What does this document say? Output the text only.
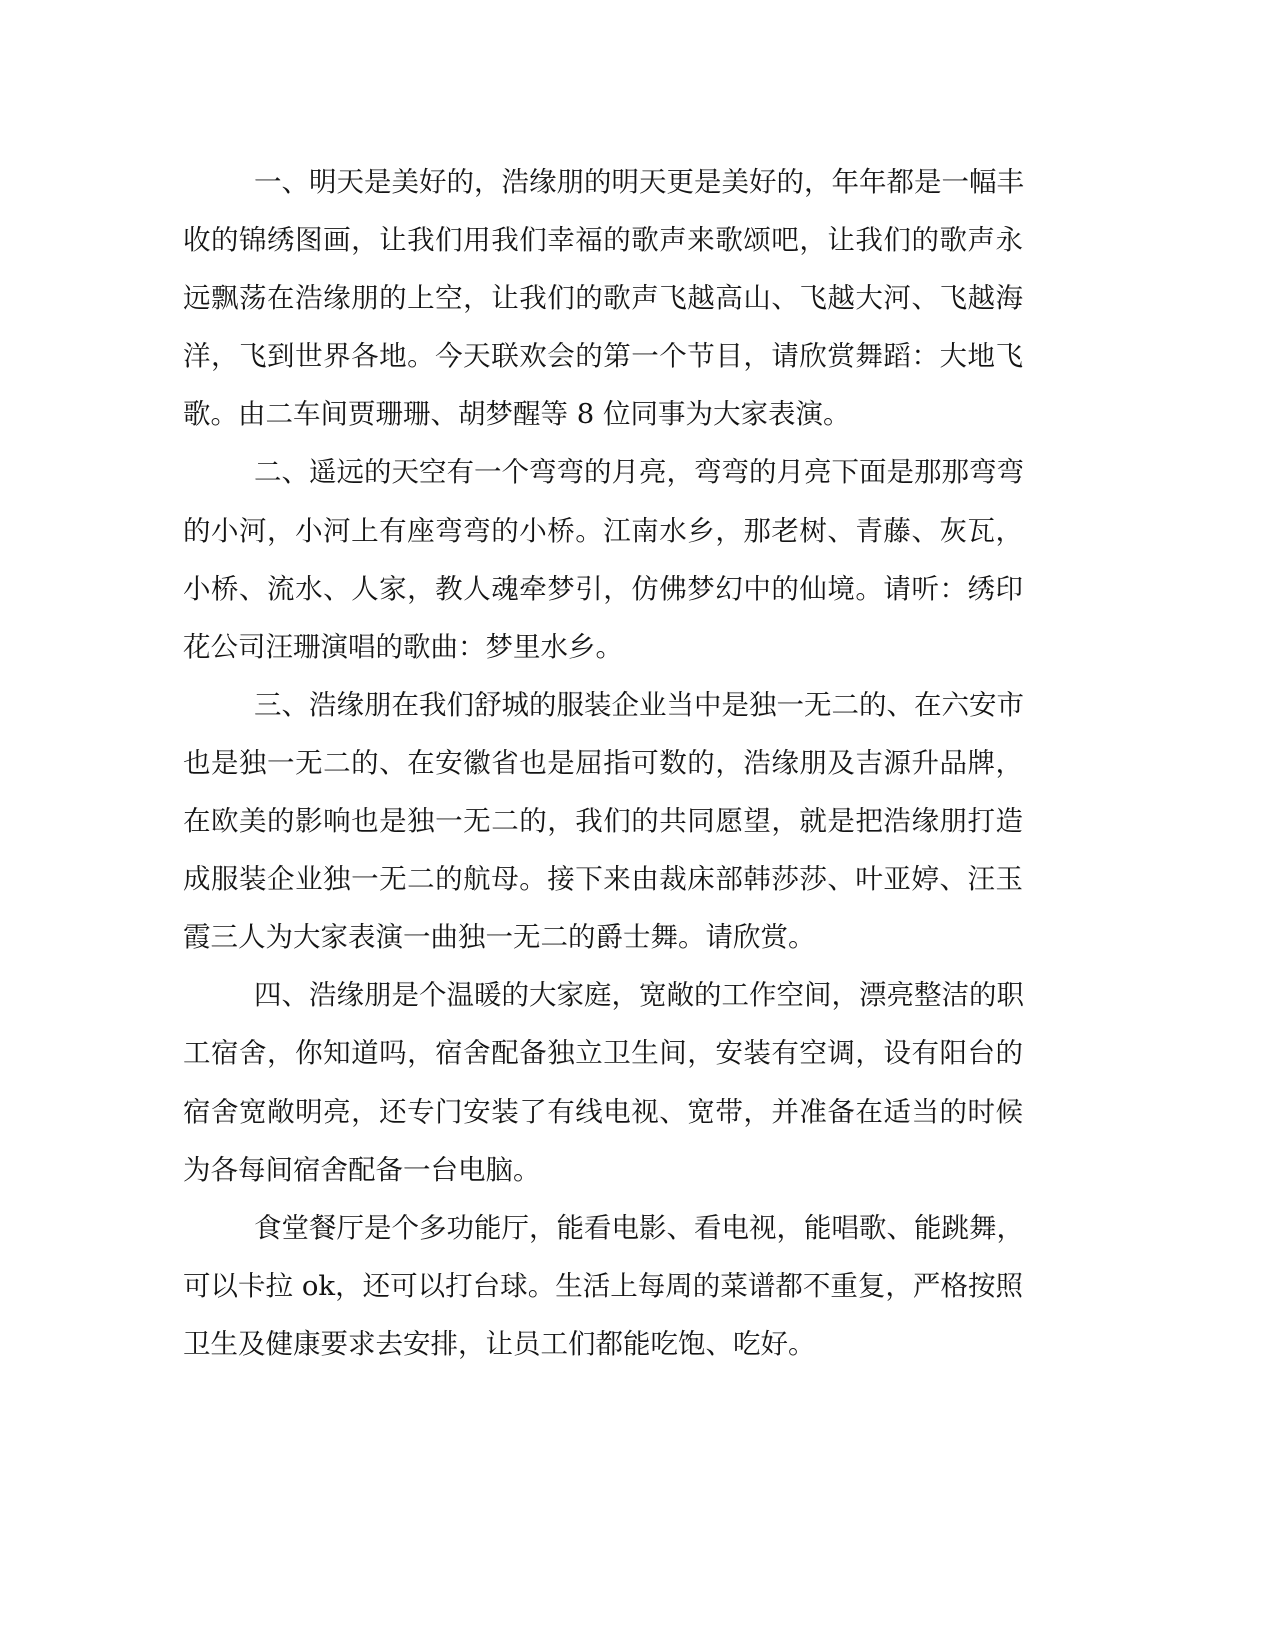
一、明天是美好的，浩缘朋的明天更是美好的，年年都是一幅丰
收的锦绣图画，让我们用我们幸福的歌声来歌颂吧，让我们的歌声永
远飘荡在浩缘朋的上空，让我们的歌声飞越高山、飞越大河、飞越海
洋，飞到世界各地。今天联欢会的第一个节目，请欣赏舞蹈：大地飞
歌。由二车间贾珊珊、胡梦醒等 8 位同事为大家表演。
二、遥远的天空有一个弯弯的月亮，弯弯的月亮下面是那那弯弯
的小河，小河上有座弯弯的小桥。江南水乡，那老树、青藤、灰瓦，
小桥、流水、人家，教人魂牵梦引，仿佛梦幻中的仙境。请听：绣印
花公司汪珊演唱的歌曲：梦里水乡。
三、浩缘朋在我们舒城的服装企业当中是独一无二的、在六安市
也是独一无二的、在安徽省也是屈指可数的，浩缘朋及吉源升品牌，
在欧美的影响也是独一无二的，我们的共同愿望，就是把浩缘朋打造
成服装企业独一无二的航母。接下来由裁床部韩莎莎、叶亚婷、汪玉
霞三人为大家表演一曲独一无二的爵士舞。请欣赏。
四、浩缘朋是个温暖的大家庭，宽敞的工作空间，漂亮整洁的职
工宿舍，你知道吗，宿舍配备独立卫生间，安装有空调，设有阳台的
宿舍宽敞明亮，还专门安装了有线电视、宽带，并准备在适当的时候
为各每间宿舍配备一台电脑。
食堂餐厅是个多功能厅，能看电影、看电视，能唱歌、能跳舞，
可以卡拉 ok，还可以打台球。生活上每周的菜谱都不重复，严格按照
卫生及健康要求去安排，让员工们都能吃饱、吃好。
